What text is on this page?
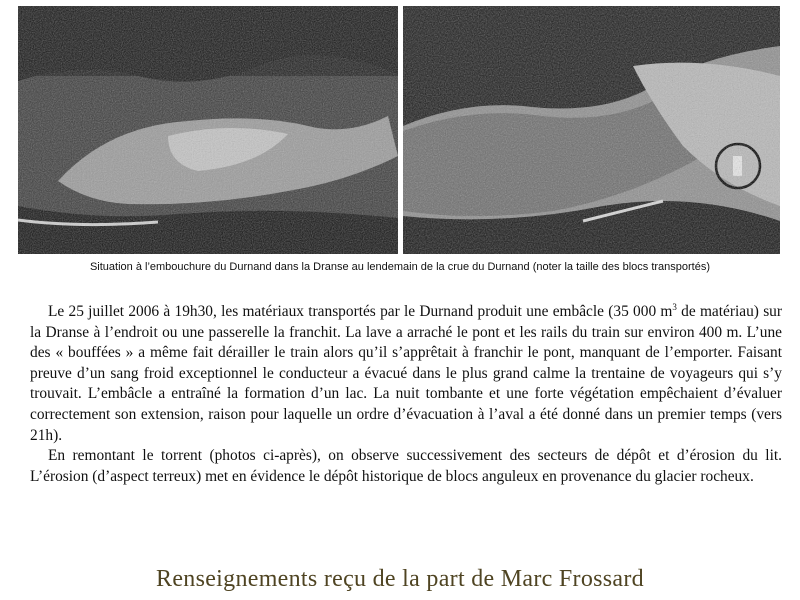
Situation à l’embouchure du Durnand dans la Dranse au lendemain de la crue du Durnand (noter la taille des blocs transportés)

Le 25 juillet 2006 à 19h30, les matériaux transportés par le Durnand produit une embâcle (35 000 $m^3$ de matériau) sur la Dranse à l’endroit ou une passerelle la franchit. La lave a arraché le pont et les rails du train sur environ 400 m. L’une des « bouffées » a même fait dérailler le train alors qu’il s’apprêtait à franchir le pont, manquant de l’emporter. Faisant preuve d’un sang froid exceptionnel le conducteur a évacué dans le plus grand calme la trentaine de voyageurs qui s’y trouvait. L’embâcle a entraîné la formation d’un lac. La nuit tombante et une forte végétation empêchaient d’évaluer correctement son extension, raison pour laquelle un ordre d’évacuation à l’aval a été donné dans un premier temps (vers 21h).

En remontant le torrent (photos ci-après), on observe successivement des secteurs de dépôt et d’érosion du lit. L’érosion (d’aspect terreux) met en évidence le dépôt historique de blocs anguleux en provenance du glacier rocheux.

Renseignements reçu de la part de Marc Frossard
